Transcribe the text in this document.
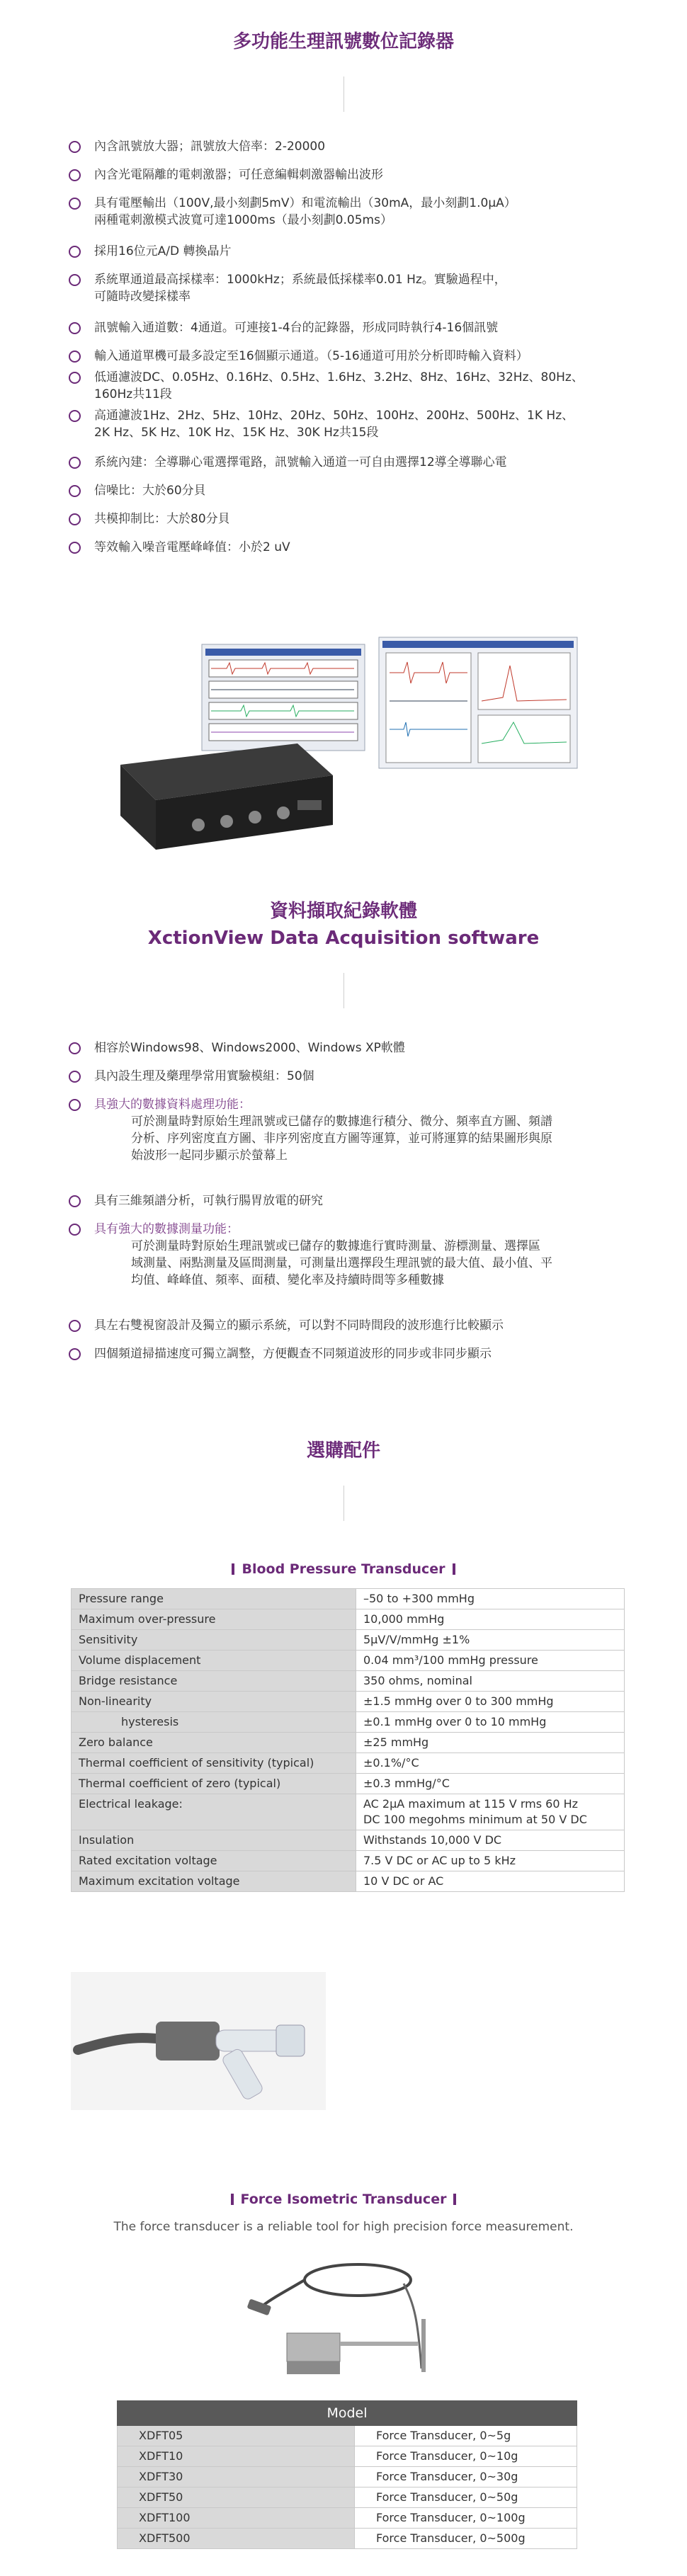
多功能生理訊號數位記錄器
內含訊號放大器；訊號放大倍率：2-20000
內含光電隔離的電刺激器；可任意編輯刺激器輸出波形
具有電壓輸出（100V,最小刻劃5mV）和電流輸出（30mA，最小刻劃1.0μA）
兩種電刺激模式波寬可達1000ms（最小刻劃0.05ms）
採用16位元A/D 轉換晶片
系統單通道最高採樣率：1000kHz；系統最低採樣率0.01 Hz。實驗過程中，
可隨時改變採樣率
訊號輸入通道數：4通道。可連接1-4台的記錄器，形成同時執行4-16個訊號
輸入通道單機可最多設定至16個顯示通道。（5-16通道可用於分析即時輸入資料）
低通濾波DC、0.05Hz、0.16Hz、0.5Hz、1.6Hz、3.2Hz、8Hz、16Hz、32Hz、80Hz、
160Hz共11段
高通濾波1Hz、2Hz、5Hz、10Hz、20Hz、50Hz、100Hz、200Hz、500Hz、1K Hz、
2K Hz、5K Hz、10K Hz、15K Hz、30K Hz共15段
系統內建：全導聯心電選擇電路，訊號輸入通道一可自由選擇12導全導聯心電
信噪比：大於60分貝
共模抑制比：大於80分貝
等效輸入噪音電壓峰峰值：小於2 uV
資料擷取紀錄軟體
XctionView Data Acquisition software
相容於Windows98、Windows2000、Windows XP軟體
具內設生理及藥理學常用實驗模組：50個
具強大的數據資料處理功能：
可於測量時對原始生理訊號或已儲存的數據進行積分、微分、頻率直方圖、頻譜
分析、序列密度直方圖、非序列密度直方圖等運算，並可將運算的結果圖形與原
始波形一起同步顯示於螢幕上
具有三維頻譜分析，可執行腸胃放電的研究
具有強大的數據測量功能：
可於測量時對原始生理訊號或已儲存的數據進行實時測量、游標測量、選擇區
域測量、兩點測量及區間測量，可測量出選擇段生理訊號的最大值、最小值、平
均值、峰峰值、頻率、面積、變化率及持續時間等多種數據
具左右雙視窗設計及獨立的顯示系統，可以對不同時間段的波形進行比較顯示
四個頻道掃描速度可獨立調整，方便觀查不同頻道波形的同步或非同步顯示
選購配件
Blood Pressure Transducer
Pressure range	–50 to +300 mmHg

Maximum over-pressure	10,000 mmHg

Sensitivity	5μV/V/mmHg ±1%

Volume displacement	0.04 mm³/100 mmHg pressure

Bridge resistance	350 ohms, nominal

Non-linearity	±1.5 mmHg over 0 to 300 mmHg

hysteresis	±0.1 mmHg over 0 to 10 mmHg

Zero balance	±25 mmHg

Thermal coefficient of sensitivity (typical)	±0.1%/°C

Thermal coefficient of zero (typical)	±0.3 mmHg/°C

Electrical leakage:	AC 2μA maximum at 115 V rms 60 Hz
DC 100 megohms minimum at 50 V DC

Insulation	Withstands 10,000 V DC

Rated excitation voltage	7.5 V DC or AC up to 5 kHz

Maximum excitation voltage	10 V DC or AC
Force Isometric Transducer
The force transducer is a reliable tool for high precision force measurement.
Model	
XDFT05	Force Transducer, 0~5g
XDFT10	Force Transducer, 0~10g
XDFT30	Force Transducer, 0~30g
XDFT50	Force Transducer, 0~50g
XDFT100	Force Transducer, 0~100g
XDFT500	Force Transducer, 0~500g
